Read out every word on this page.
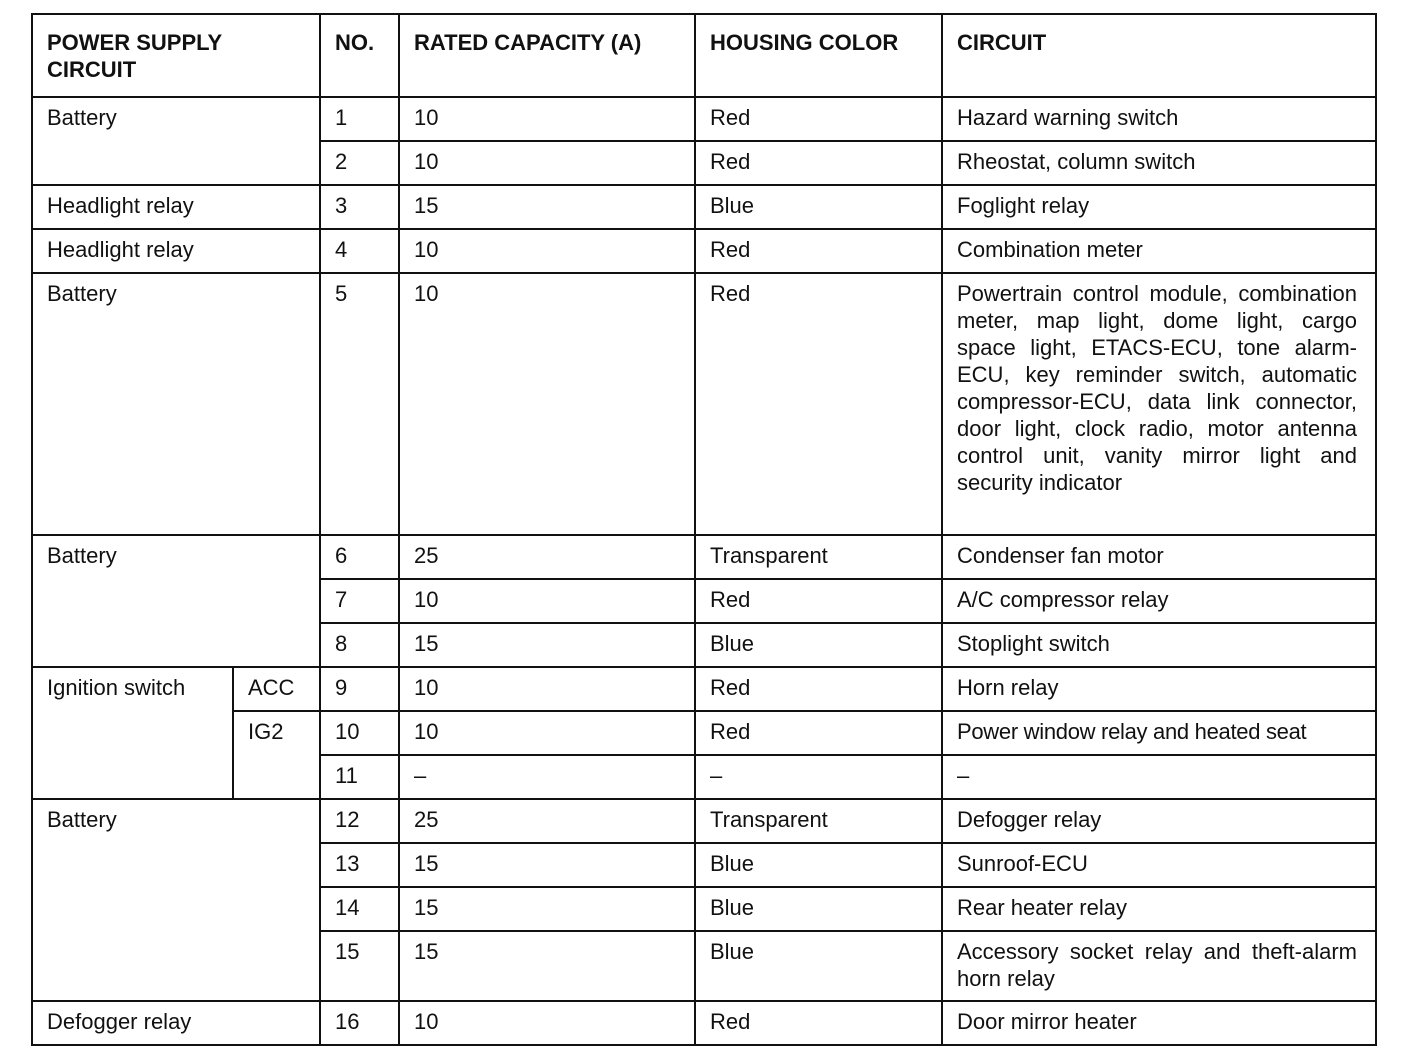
POWER SUPPLY CIRCUIT		NO.	RATED CAPACITY (A)	HOUSING COLOR	CIRCUIT
Battery		1	10	Red	Hazard warning switch
		2	10	Red	Rheostat, column switch
Headlight relay		3	15	Blue	Foglight relay
Headlight relay		4	10	Red	Combination meter
Battery		5	10	Red	Powertrain control module, combination meter, map light, dome light, cargo space light, ETACS-ECU, tone alarm-ECU, key reminder switch, automatic compressor-ECU, data link connector, door light, clock radio, motor antenna control unit, vanity mirror light and security indicator
Battery		6	25	Transparent	Condenser fan motor
		7	10	Red	A/C compressor relay
		8	15	Blue	Stoplight switch
Ignition switch	ACC	9	10	Red	Horn relay
	IG2	10	10	Red	Power window relay and heated seat
		11	–	–	–
Battery		12	25	Transparent	Defogger relay
		13	15	Blue	Sunroof-ECU
		14	15	Blue	Rear heater relay
		15	15	Blue	Accessory socket relay and theft-alarm horn relay
Defogger relay		16	10	Red	Door mirror heater
